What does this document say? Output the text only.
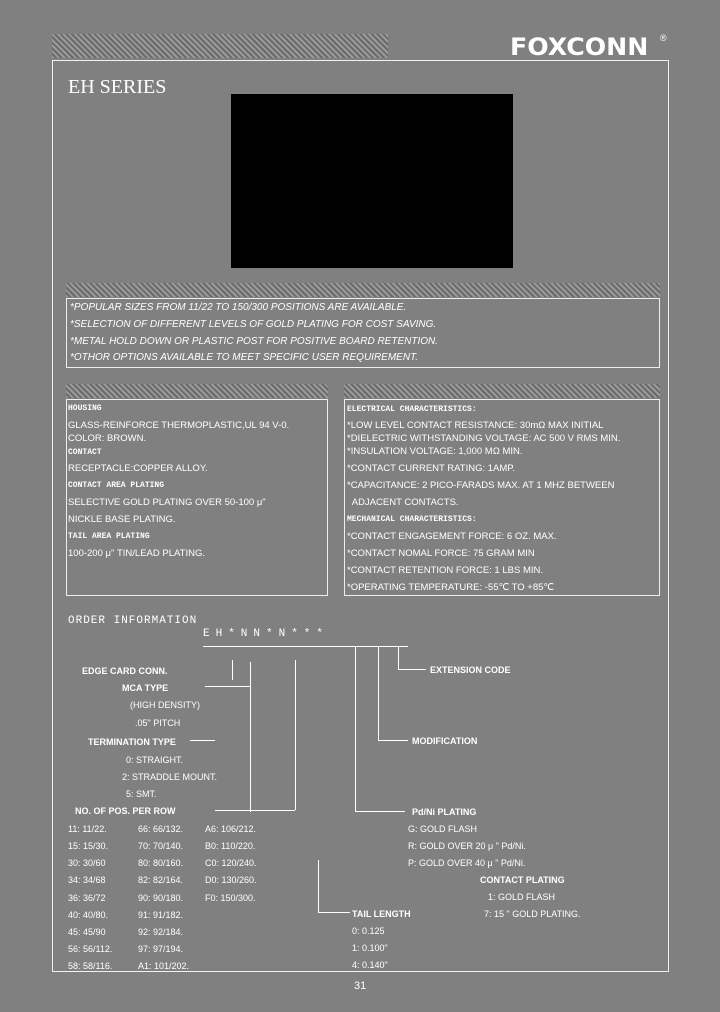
FOXCONN ®
EH SERIES
*POPULAR SIZES FROM 11/22 TO 150/300 POSITIONS ARE AVAILABLE.
*SELECTION OF DIFFERENT LEVELS OF GOLD PLATING FOR COST SAVING.
*METAL HOLD DOWN OR PLASTIC POST FOR POSITIVE BOARD RETENTION.
*OTHOR OPTIONS AVAILABLE TO MEET SPECIFIC USER REQUIREMENT.
HOUSING
GLASS-REINFORCE THERMOPLASTIC,UL 94 V-0.
COLOR: BROWN.
CONTACT
RECEPTACLE:COPPER ALLOY.
CONTACT AREA PLATING
SELECTIVE GOLD PLATING OVER 50-100 μ"
NICKLE BASE PLATING.
TAIL AREA PLATING
100-200 μ" TIN/LEAD PLATING.
ELECTRICAL CHARACTERISTICS:
*LOW LEVEL CONTACT RESISTANCE: 30mΩ MAX INITIAL
*DIELECTRIC WITHSTANDING VOLTAGE: AC 500 V RMS MIN.
*INSULATION VOLTAGE: 1,000 MΩ MIN.
*CONTACT CURRENT RATING: 1AMP.
*CAPACITANCE: 2 PICO-FARADS MAX. AT 1 MHZ BETWEEN
ADJACENT CONTACTS.
MECHANICAL CHARACTERISTICS:
*CONTACT ENGAGEMENT FORCE: 6 OZ. MAX.
*CONTACT NOMAL FORCE: 75 GRAM MIN
*CONTACT RETENTION FORCE: 1 LBS MIN.
*OPERATING TEMPERATURE: -55℃ TO +85℃
ORDER INFORMATION
EH*NN*N***
EDGE CARD CONN.
MCA TYPE
(HIGH DENSITY)
.05" PITCH
TERMINATION TYPE
0: STRAIGHT.
2: STRADDLE MOUNT.
5: SMT.
NO. OF POS. PER ROW
11: 11/22.
15: 15/30.
30: 30/60
34: 34/68
36: 36/72
40: 40/80.
45: 45/90
56: 56/112.
58: 58/116.
66: 66/132.
70: 70/140.
80: 80/160.
82: 82/164.
90: 90/180.
91: 91/182.
92: 92/184.
97: 97/194.
A1: 101/202.
A6: 106/212.
B0: 110/220.
C0: 120/240.
D0: 130/260.
F0: 150/300.
EXTENSION CODE
MODIFICATION
Pd/Ni PLATING
G: GOLD FLASH
R: GOLD OVER 20 μ " Pd/Ni.
P: GOLD OVER 40 μ " Pd/Ni.
CONTACT PLATING
1: GOLD FLASH
7: 15 " GOLD PLATING.
TAIL LENGTH
0: 0.125
1: 0.100"
4: 0.140"
31
